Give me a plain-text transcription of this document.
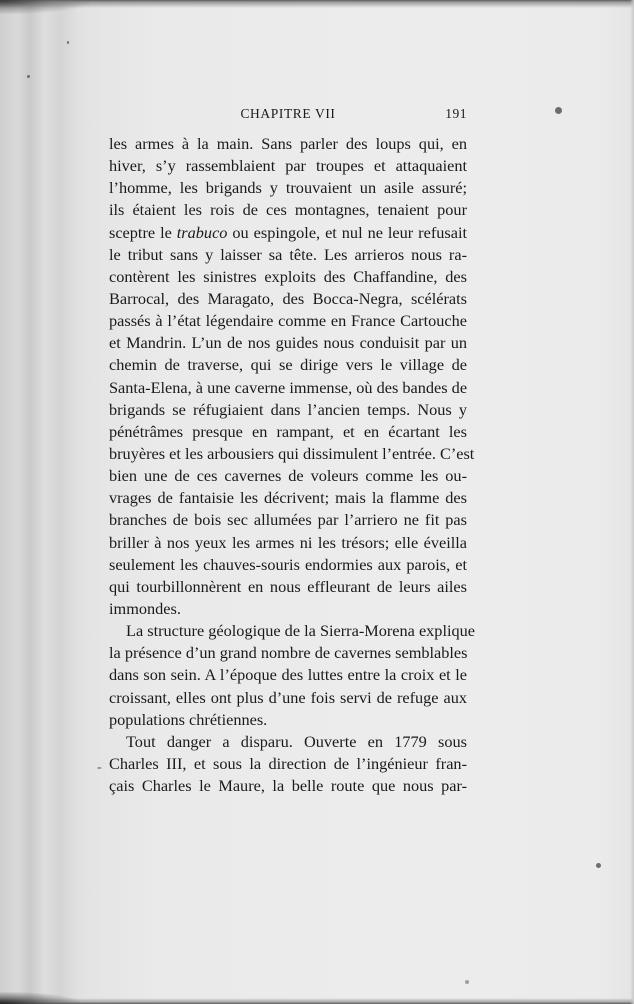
CHAPITRE VII	191
-
les armes à la main. Sans parler des loups qui, en
hiver, s’y rassemblaient par troupes et attaquaient
l’homme, les brigands y trouvaient un asile assuré;
ils étaient les rois de ces montagnes, tenaient pour
sceptre le trabuco ou espingole, et nul ne leur refusait
le tribut sans y laisser sa tête. Les arrieros nous ra-
contèrent les sinistres exploits des Chaffandine, des
Barrocal, des Maragato, des Bocca-Negra, scélérats
passés à l’état légendaire comme en France Cartouche
et Mandrin. L’un de nos guides nous conduisit par un
chemin de traverse, qui se dirige vers le village de
Santa-Elena, à une caverne immense, où des bandes de
brigands se réfugiaient dans l’ancien temps. Nous y
pénétrâmes presque en rampant, et en écartant les
bruyères et les arbousiers qui dissimulent l’entrée. C’est
bien une de ces cavernes de voleurs comme les ou-
vrages de fantaisie les décrivent; mais la flamme des
branches de bois sec allumées par l’arriero ne fit pas
briller à nos yeux les armes ni les trésors; elle éveilla
seulement les chauves-souris endormies aux parois, et
qui tourbillonnèrent en nous effleurant de leurs ailes
immondes.
La structure géologique de la Sierra-Morena explique
la présence d’un grand nombre de cavernes semblables
dans son sein. A l’époque des luttes entre la croix et le
croissant, elles ont plus d’une fois servi de refuge aux
populations chrétiennes.
Tout danger a disparu. Ouverte en 1779 sous
Charles III, et sous la direction de l’ingénieur fran-
çais Charles le Maure, la belle route que nous par-
